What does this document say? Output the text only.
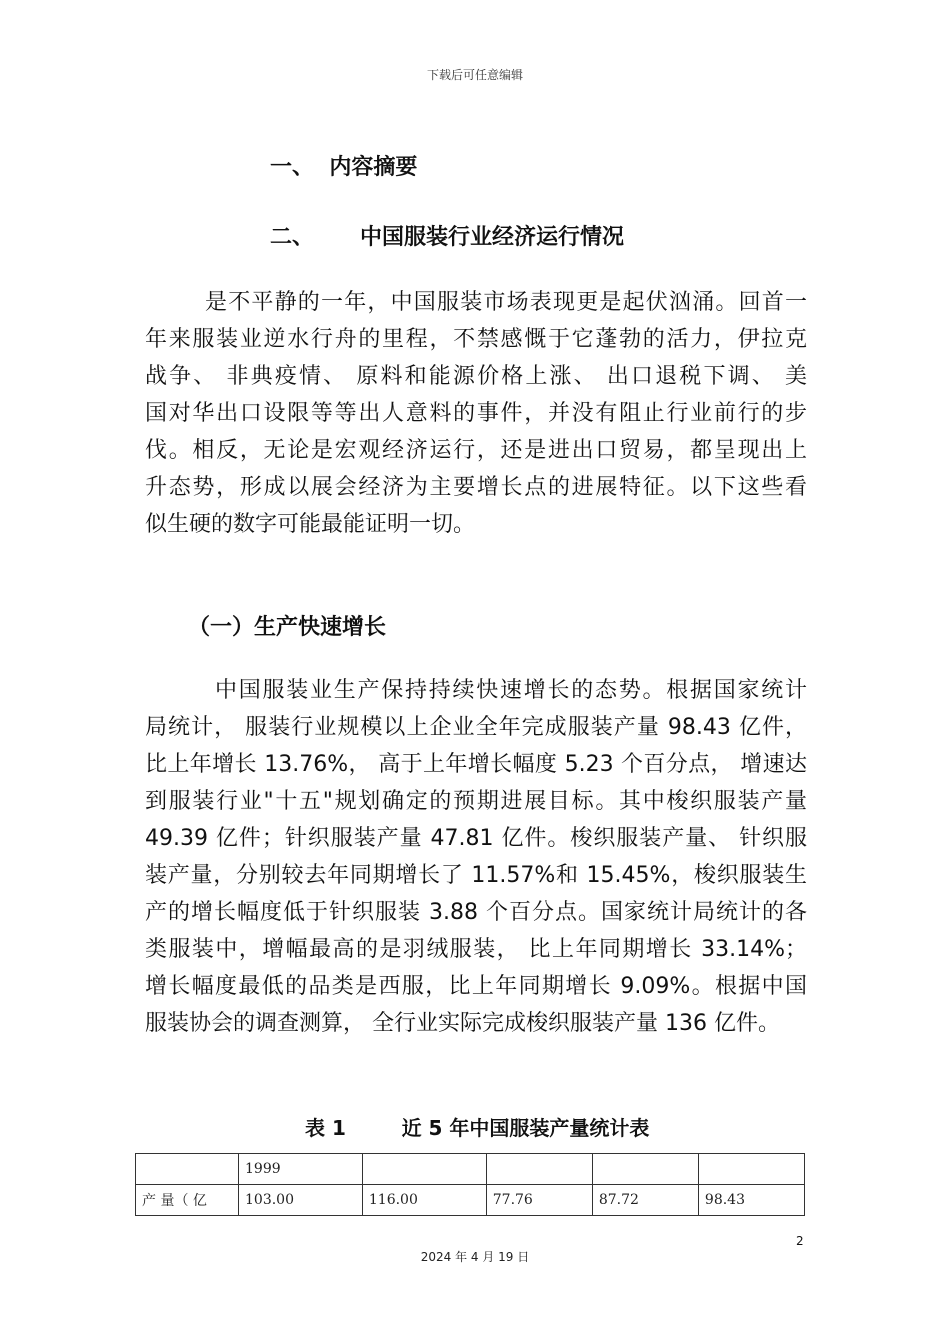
下载后可任意编辑
一、  内容摘要
二、      中国服装行业经济运行情况
是不平静的一年，中国服装市场表现更是起伏汹涌。回首一
年来服装业逆水行舟的里程，不禁感慨于它蓬勃的活力，伊拉克
战争、 非典疫情、 原料和能源价格上涨、 出口退税下调、 美
国对华出口设限等等出人意料的事件，并没有阻止行业前行的步
伐。相反，无论是宏观经济运行，还是进出口贸易，都呈现出上
升态势，形成以展会经济为主要增长点的进展特征。以下这些看
似生硬的数字可能最能证明一切。
（一）生产快速增长
中国服装业生产保持持续快速增长的态势。根据国家统计
局统计， 服装行业规模以上企业全年完成服装产量 98.43 亿件，
比上年增长 13.76%， 高于上年增长幅度 5.23 个百分点， 增速达
到服装行业"十五"规划确定的预期进展目标。其中梭织服装产量
49.39 亿件；针织服装产量 47.81 亿件。梭织服装产量、 针织服
装产量，分别较去年同期增长了 11.57%和 15.45%，梭织服装生
产的增长幅度低于针织服装 3.88 个百分点。国家统计局统计的各
类服装中，增幅最高的是羽绒服装， 比上年同期增长 33.14%；
增长幅度最低的品类是西服，比上年同期增长 9.09%。根据中国
服装协会的调查测算， 全行业实际完成梭织服装产量 136 亿件。
表 1        近 5 年中国服装产量统计表
	1999				
产 量（ 亿	103.00	116.00	77.76	87.72	98.43
2
2024 年 4 月 19 日
